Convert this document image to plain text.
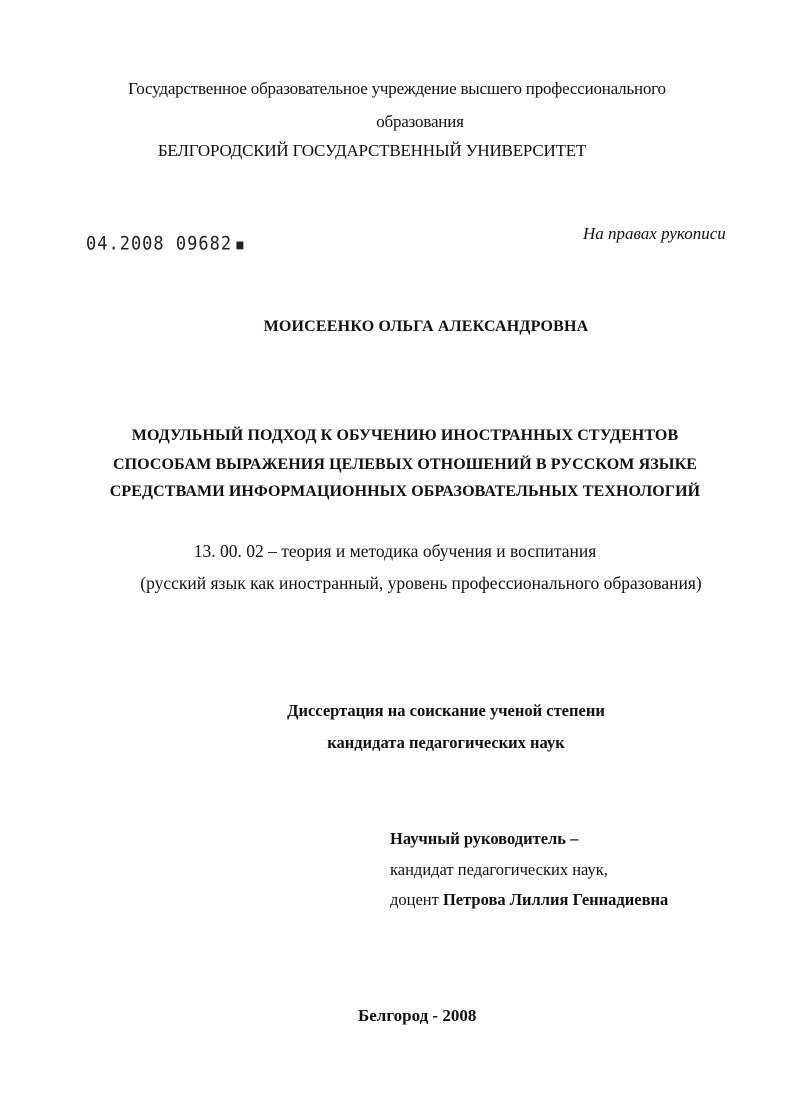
Государственное образовательное учреждение высшего профессионального
образования
БЕЛГОРОДСКИЙ ГОСУДАРСТВЕННЫЙ УНИВЕРСИТЕТ
04.2008 09682 ▪
На правах рукописи
МОИСЕЕНКО ОЛЬГА АЛЕКСАНДРОВНА
МОДУЛЬНЫЙ ПОДХОД К ОБУЧЕНИЮ ИНОСТРАННЫХ СТУДЕНТОВ
СПОСОБАМ ВЫРАЖЕНИЯ ЦЕЛЕВЫХ ОТНОШЕНИЙ В РУССКОМ ЯЗЫКЕ
СРЕДСТВАМИ ИНФОРМАЦИОННЫХ ОБРАЗОВАТЕЛЬНЫХ ТЕХНОЛОГИЙ
13. 00. 02 – теория и методика обучения и воспитания
(русский язык как иностранный, уровень профессионального образования)
Диссертация на соискание ученой степени
кандидата педагогических наук
Научный руководитель –
кандидат педагогических наук,
доцент Петрова Лиллия Геннадиевна
Белгород - 2008
